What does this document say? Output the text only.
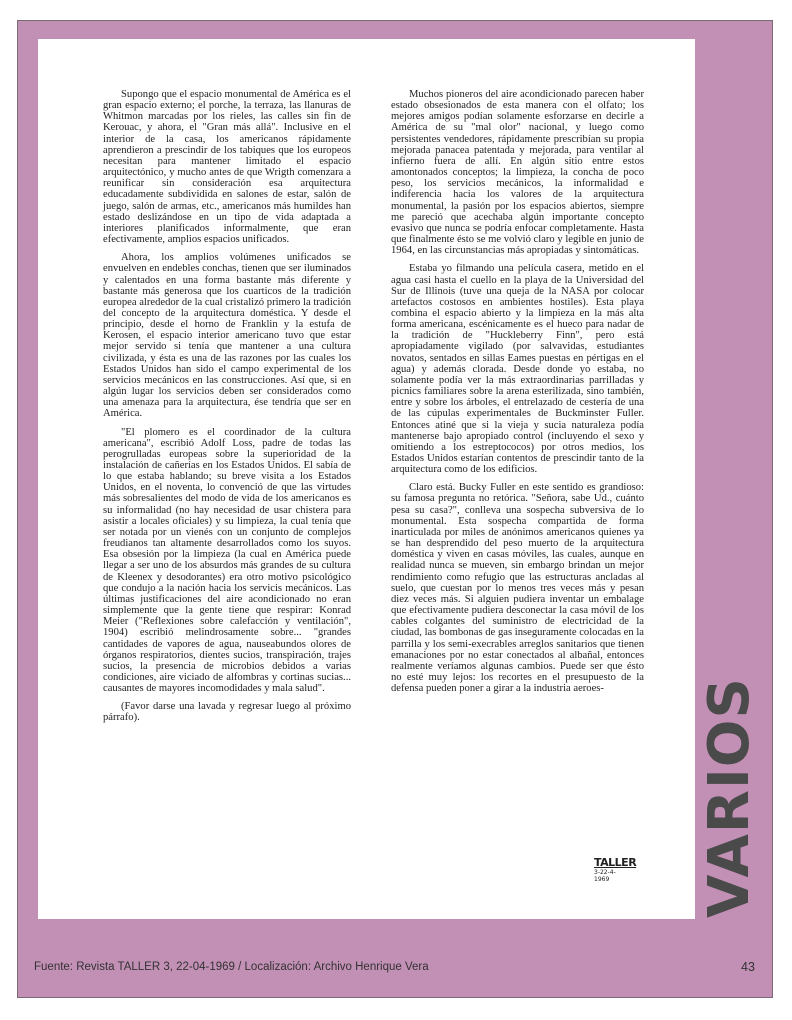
Supongo que el espacio monumental de América es el gran espacio externo; el porche, la terraza, las llanuras de Whitmon marcadas por los rieles, las calles sin fin de Kerouac, y ahora, el "Gran más allá". Inclusive en el interior de la casa, los americanos rápidamente aprendieron a prescindir de los tabiques que los europeos necesitan para mantener limitado el espacio arquitectónico, y mucho antes de que Wrigth comenzara a reunificar sin consideración esa arquitectura educadamente subdividida en salones de estar, salón de juego, salón de armas, etc., americanos más humildes han estado deslizándose en un tipo de vida adaptada a interiores planificados informalmente, que eran efectivamente, amplios espacios unificados.

Ahora, los amplios volúmenes unificados se envuelven en endebles conchas, tienen que ser iluminados y calentados en una forma bastante más diferente y bastante más generosa que los cuarticos de la tradición europea alrededor de la cual cristalizó primero la tradición del concepto de la arquitectura doméstica. Y desde el principio, desde el horno de Franklin y la estufa de Kerosen, el espacio interior americano tuvo que estar mejor servido si tenía que mantener a una cultura civilizada, y ésta es una de las razones por las cuales los Estados Unidos han sido el campo experimental de los servicios mecánicos en las construcciones. Así que, si en algún lugar los servicios deben ser considerados como una amenaza para la arquitectura, ése tendría que ser en América.

"El plomero es el coordinador de la cultura americana", escribió Adolf Loss, padre de todas las perogrulladas europeas sobre la superioridad de la instalación de cañerías en los Estados Unidos. El sabía de lo que estaba hablando; su breve visita a los Estados Unidos, en el noventa, lo convenció de que las virtudes más sobresalientes del modo de vida de los americanos es su informalidad (no hay necesidad de usar chistera para asistir a locales oficiales) y su limpieza, la cual tenía que ser notada por un vienés con un conjunto de complejos freudianos tan altamente desarrollados como los suyos. Esa obsesión por la limpieza (la cual en América puede llegar a ser uno de los absurdos más grandes de su cultura de Kleenex y desodorantes) era otro motivo psicológico que condujo a la nación hacia los servicis mecánicos. Las últimas justificaciones del aire acondicionado no eran simplemente que la gente tiene que respirar: Konrad Meier ("Reflexiones sobre calefacción y ventilación", 1904) escribió melindrosamente sobre... "grandes cantidades de vapores de agua, nauseabundos olores de órganos respiratorios, dientes sucios, transpiración, trajes sucios, la presencia de microbios debidos a varias condiciones, aire viciado de alfombras y cortinas sucias... causantes de mayores incomodidades y mala salud".

(Favor darse una lavada y regresar luego al próximo párrafo).

Muchos pioneros del aire acondicionado parecen haber estado obsesionados de esta manera con el olfato; los mejores amigos podían solamente esforzarse en decirle a América de su "mal olor" nacional, y luego como persistentes vendedores, rápidamente prescribían su propia mejorada panacea patentada y mejorada, para ventilar al infierno fuera de allí. En algún sitio entre estos amontonados conceptos; la limpieza, la concha de poco peso, los servicios mecánicos, la informalidad e indiferencia hacia los valores de la arquitectura monumental, la pasión por los espacios abiertos, siempre me pareció que acechaba algún importante concepto evasivo que nunca se podría enfocar completamente. Hasta que finalmente ésto se me volvió claro y legible en junio de 1964, en las circunstancias más apropiadas y sintomáticas.

Estaba yo filmando una película casera, metido en el agua casi hasta el cuello en la playa de la Universidad del Sur de Illinois (tuve una queja de la NASA por colocar artefactos costosos en ambientes hostiles). Esta playa combina el espacio abierto y la limpieza en la más alta forma americana, escénicamente es el hueco para nadar de la tradición de "Huckleberry Finn", pero está apropiadamente vigilado (por salvavidas, estudiantes novatos, sentados en sillas Eames puestas en pértigas en el agua) y además clorada. Desde donde yo estaba, no solamente podía ver la más extraordinarias parrilladas y picnics familiares sobre la arena esterilizada, sino también, entre y sobre los árboles, el entrelazado de cestería de una de las cúpulas experimentales de Buckminster Fuller. Entonces atiné que si la vieja y sucia naturaleza podía mantenerse bajo apropiado control (incluyendo el sexo y omitiendo a los estreptococos) por otros medios, los Estados Unidos estarían contentos de prescindir tanto de la arquitectura como de los edificios.

Claro está. Bucky Fuller en este sentido es grandioso: su famosa pregunta no retórica. "Señora, sabe Ud., cuánto pesa su casa?", conlleva una sospecha subversiva de lo monumental. Esta sospecha compartida de forma inarticulada por miles de anónimos americanos quienes ya se han desprendido del peso muerto de la arquitectura doméstica y viven en casas móviles, las cuales, aunque en realidad nunca se mueven, sin embargo brindan un mejor rendimiento como refugio que las estructuras ancladas al suelo, que cuestan por lo menos tres veces más y pesan diez veces más. Si alguien pudiera inventar un embalage que efectivamente pudiera desconectar la casa móvil de los cables colgantes del suministro de electricidad de la ciudad, las bombonas de gas inseguramente colocadas en la parrilla y los semi-execrables arreglos sanitarios que tienen emanaciones por no estar conectados al albañal, entonces realmente veríamos algunas cambios. Puede ser que ésto no esté muy lejos: los recortes en el presupuesto de la defensa pueden poner a girar a la industria aeroes-

TALLER
3-22-4-1969	VARIOS
Fuente: Revista TALLER 3, 22-04-1969 / Localización: Archivo Henrique Vera	43
